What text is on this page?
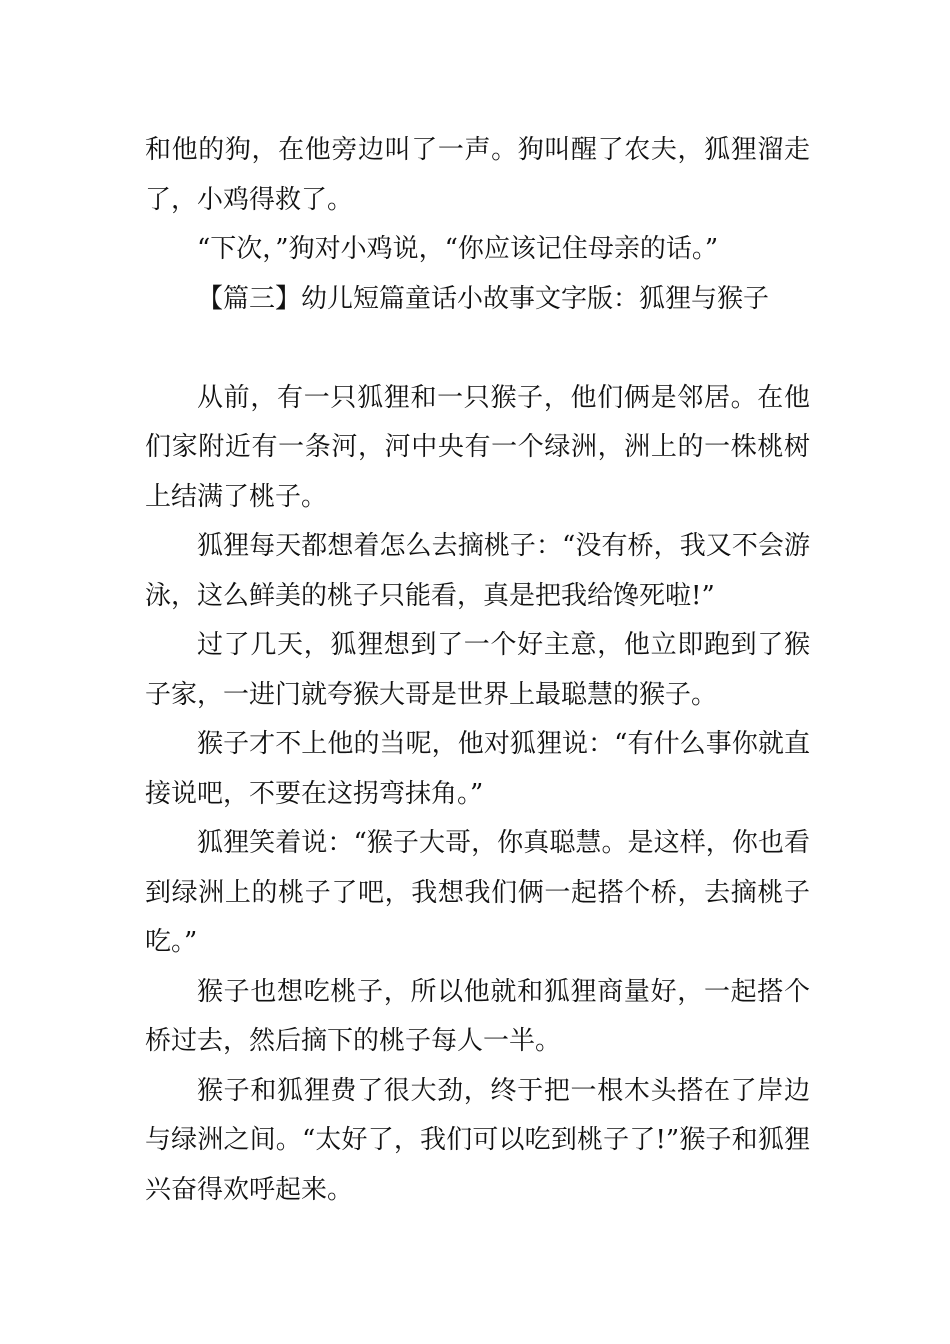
和他的狗，在他旁边叫了一声。狗叫醒了农夫，狐狸溜走了，小鸡得救了。

“下次，”狗对小鸡说，“你应该记住母亲的话。”

【篇三】幼儿短篇童话小故事文字版：狐狸与猴子

从前，有一只狐狸和一只猴子，他们俩是邻居。在他们家附近有一条河，河中央有一个绿洲，洲上的一株桃树上结满了桃子。

狐狸每天都想着怎么去摘桃子：“没有桥，我又不会游泳，这么鲜美的桃子只能看，真是把我给馋死啦!”

过了几天，狐狸想到了一个好主意，他立即跑到了猴子家，一进门就夸猴大哥是世界上最聪慧的猴子。

猴子才不上他的当呢，他对狐狸说：“有什么事你就直接说吧，不要在这拐弯抹角。”

狐狸笑着说：“猴子大哥，你真聪慧。是这样，你也看到绿洲上的桃子了吧，我想我们俩一起搭个桥，去摘桃子吃。”

猴子也想吃桃子，所以他就和狐狸商量好，一起搭个桥过去，然后摘下的桃子每人一半。

猴子和狐狸费了很大劲，终于把一根木头搭在了岸边与绿洲之间。“太好了，我们可以吃到桃子了!”猴子和狐狸兴奋得欢呼起来。
